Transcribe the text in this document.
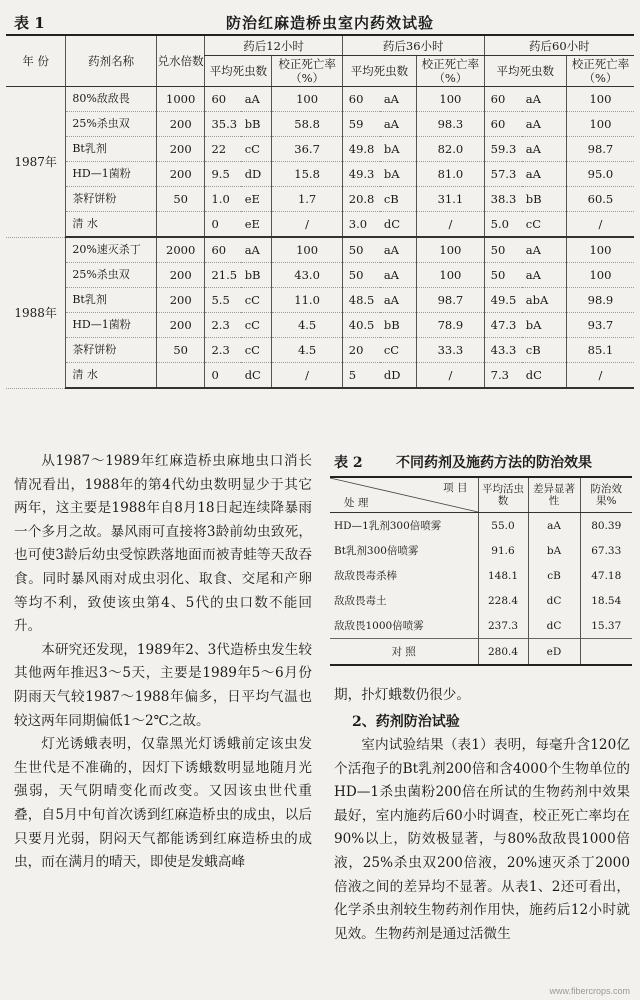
表 1	防治红麻造桥虫室内药效试验
年 份	药剂名称	兑水倍数	药后12小时			药后36小时			药后60小时		
			平均死虫数		校正死亡率（%）	平均死虫数		校正死亡率（%）	平均死虫数		校正死亡率（%）
1987年	80%敌敌畏	1000	60	aA	100	60	aA	100	60	aA	100
	25%杀虫双	200	35.3	bB	58.8	59	aA	98.3	60	aA	100
	Bt乳剂	200	22	cC	36.7	49.8	bA	82.0	59.3	aA	98.7
	HD—1菌粉	200	9.5	dD	15.8	49.3	bA	81.0	57.3	aA	95.0
	茶籽饼粉	50	1.0	eE	1.7	20.8	cB	31.1	38.3	bB	60.5
	清 水		0	eE	/	3.0	dC	/	5.0	cC	/
1988年	20%速灭杀丁	2000	60	aA	100	50	aA	100	50	aA	100
	25%杀虫双	200	21.5	bB	43.0	50	aA	100	50	aA	100
	Bt乳剂	200	5.5	cC	11.0	48.5	aA	98.7	49.5	abA	98.9
	HD—1菌粉	200	2.3	cC	4.5	40.5	bB	78.9	47.3	bA	93.7
	茶籽饼粉	50	2.3	cC	4.5	20	cC	33.3	43.3	cB	85.1
	清 水		0	dC	/	5	dD	/	7.3	dC	/

从1987～1989年红麻造桥虫麻地虫口消长情况看出，1988年的第4代幼虫数明显少于其它两年，这主要是1988年自8月18日起连续降暴雨一个多月之故。暴风雨可直接将3龄前幼虫致死，也可使3龄后幼虫受惊跌落地面而被青蛙等天敌吞食。同时暴风雨对成虫羽化、取食、交尾和产卵等均不利，致使该虫第4、5代的虫口数不能回升。

本研究还发现，1989年2、3代造桥虫发生较其他两年推迟3～5天，主要是1989年5～6月份阴雨天气较1987～1988年偏多，日平均气温也较这两年同期偏低1～2℃之故。

灯光诱蛾表明，仅靠黑光灯诱蛾前定该虫发生世代是不准确的，因灯下诱蛾数明显地随月光强弱，天气阴晴变化而改变。又因该虫世代重叠，自5月中旬首次诱到红麻造桥虫的成虫，以后只要月光弱，阴闷天气都能诱到红麻造桥虫的成虫，而在满月的晴天，即使是发蛾高峰

表 2 不同药剂及施药方法的防治效果
项 目
处 理	平均活虫数	差异显著性	防治效果%
HD—1乳剂300倍喷雾	55.0	aA	80.39
Bt乳剂300倍喷雾	91.6	bA	67.33
敌敌畏毒杀棒	148.1	cB	47.18
敌敌畏毒土	228.4	dC	18.54
敌敌畏1000倍喷雾	237.3	dC	15.37
对 照	280.4	eD	
期，扑灯蛾数仍很少。
2、药剂防治试验

室内试验结果（表1）表明，每毫升含120亿个活孢子的Bt乳剂200倍和含4000个生物单位的HD—1杀虫菌粉200倍在所试的生物药剂中效果最好，室内施药后60小时调查，校正死亡率均在90%以上，防效极显著，与80%敌敌畏1000倍液，25%杀虫双200倍液，20%速灭杀丁2000倍液之间的差异均不显著。从表1、2还可看出，化学杀虫剂较生物药剂作用快，施药后12小时就见效。生物药剂是通过活微生

www.fibercrops.com
